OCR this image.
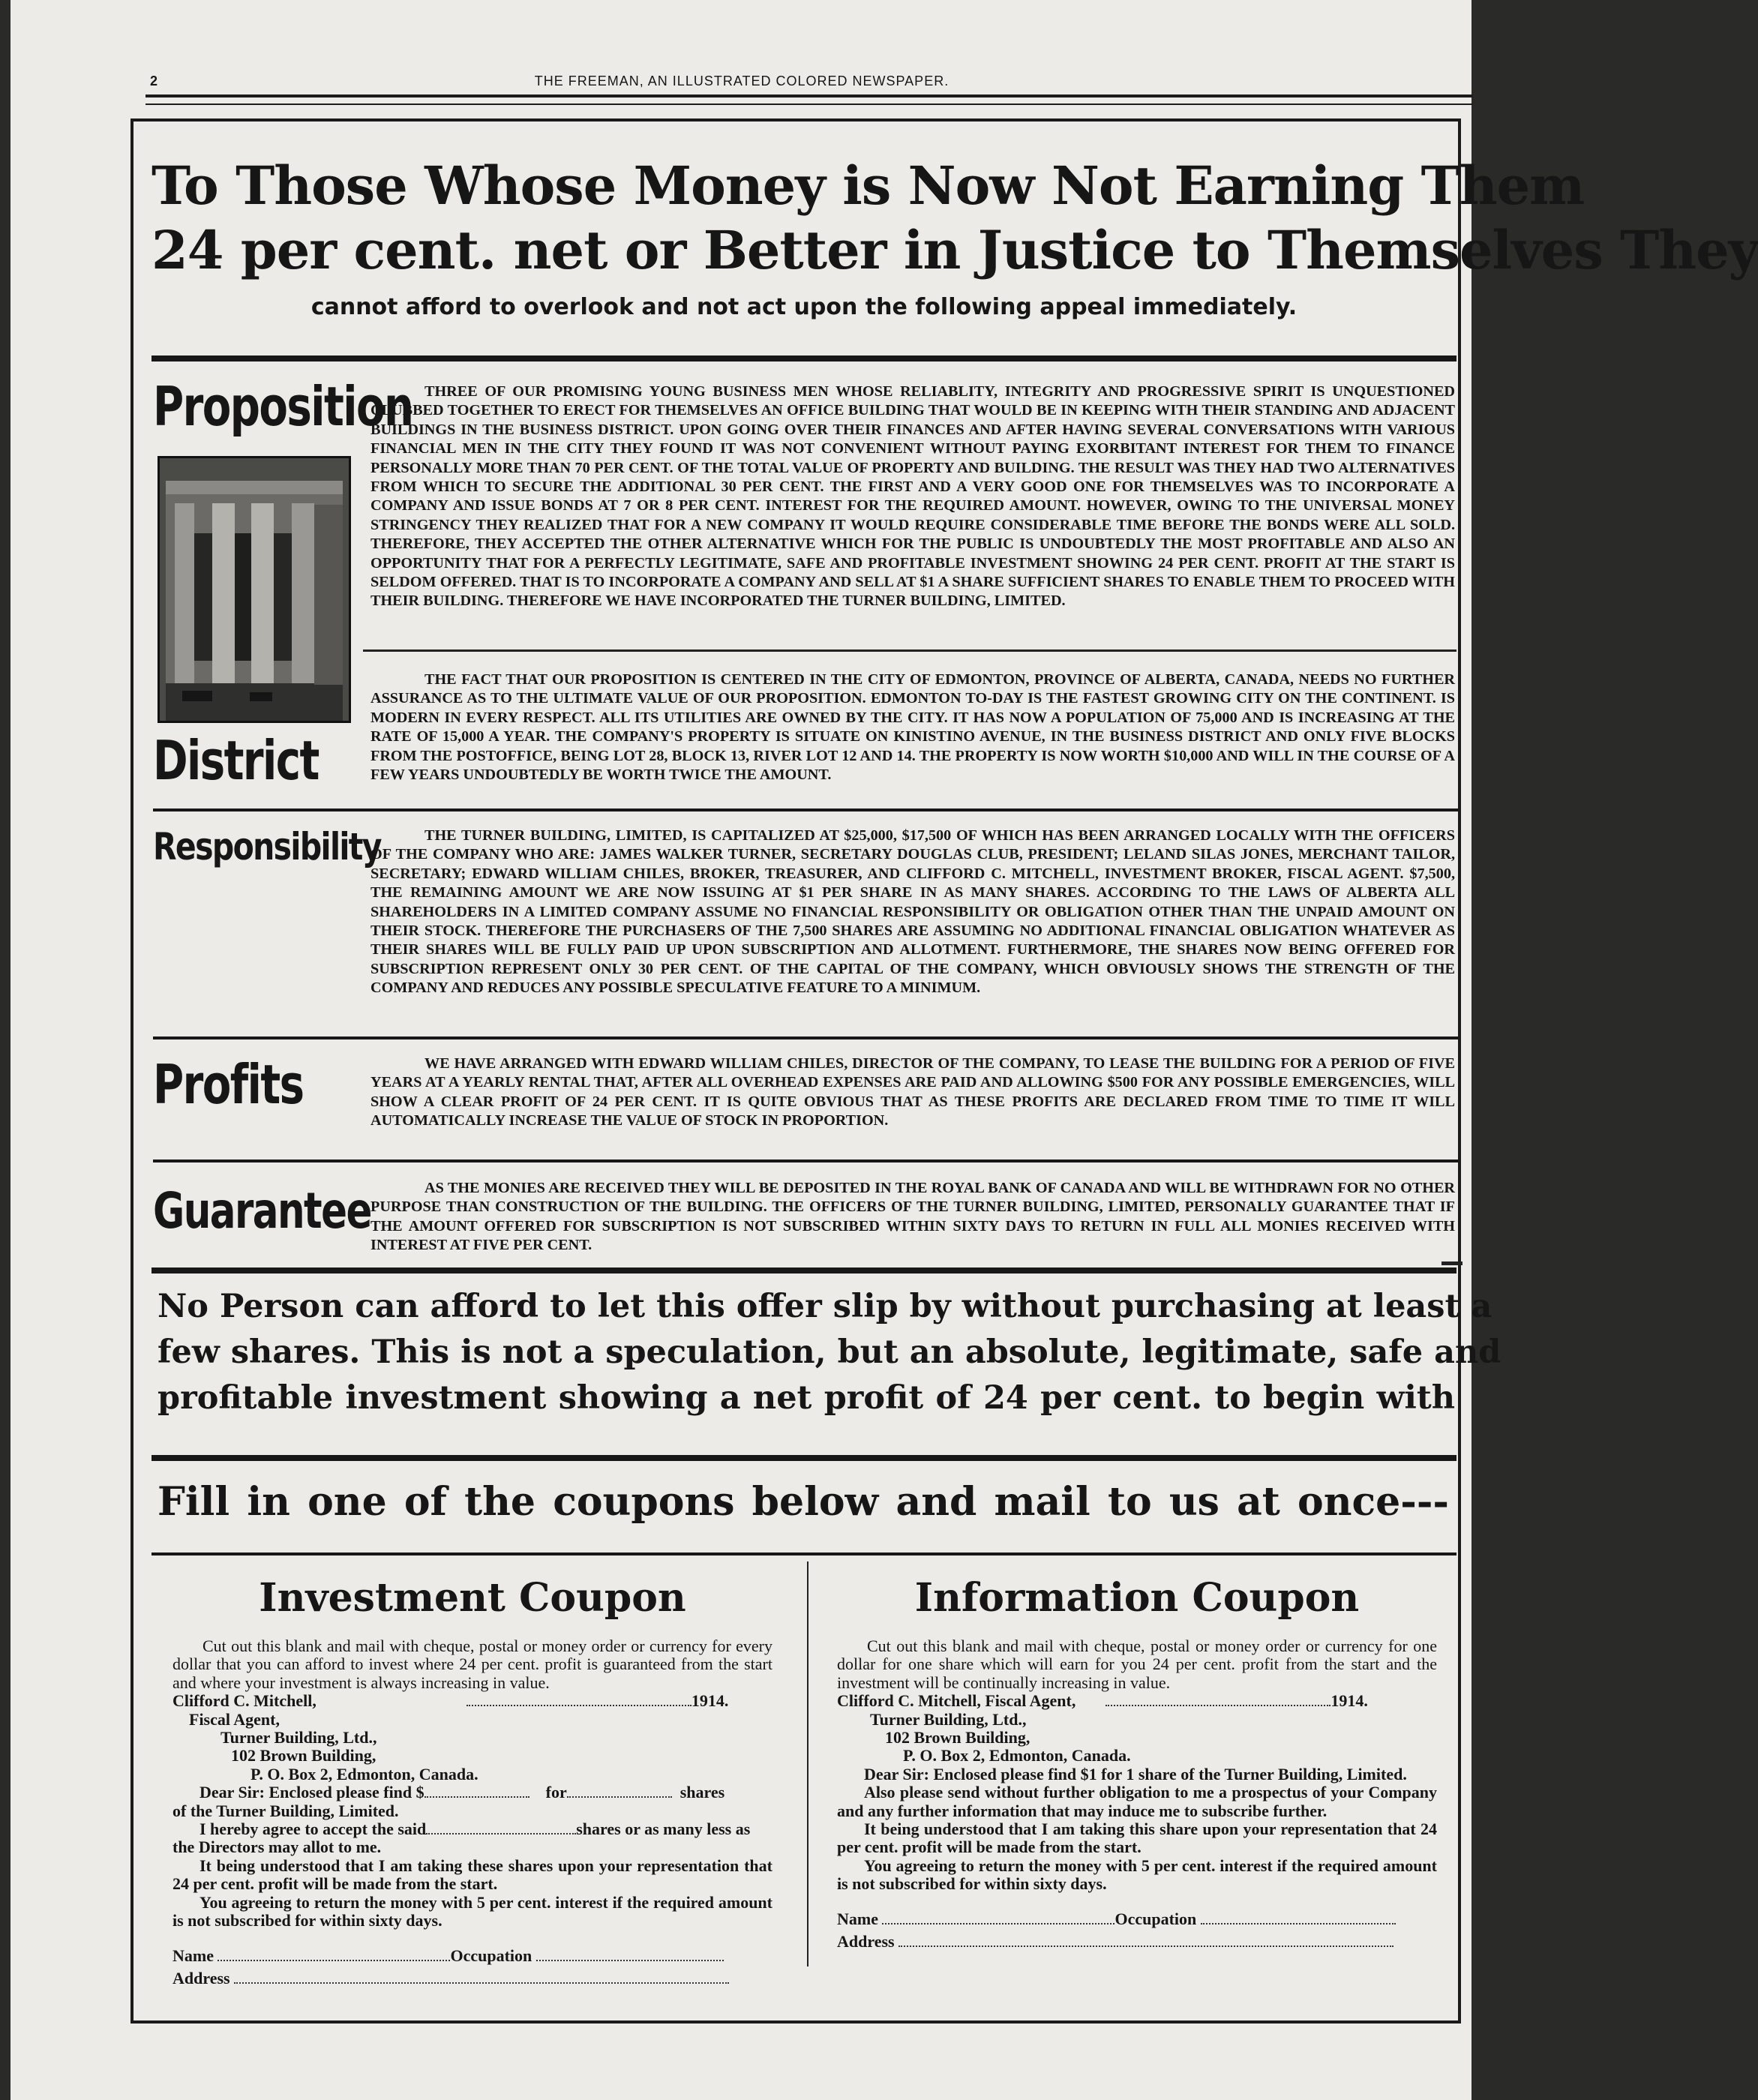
2	THE FREEMAN, AN ILLUSTRATED COLORED NEWSPAPER.
To Those Whose Money is Now Not Earning Them
24 per cent. net or Better in Justice to Themselves They
cannot afford to overlook and not act upon the following appeal immediately.
Proposition THREE OF OUR PROMISING YOUNG BUSINESS MEN WHOSE RELIABLITY, INTEGRITY AND PROGRESSIVE SPIRIT IS UNQUESTIONED CLUBBED TOGETHER TO ERECT FOR THEMSELVES AN OFFICE BUILDING THAT WOULD BE IN KEEPING WITH THEIR STANDING AND ADJACENT BUILDINGS IN THE BUSINESS DISTRICT. UPON GOING OVER THEIR FINANCES AND AFTER HAVING SEVERAL CONVERSATIONS WITH VARIOUS FINANCIAL MEN IN THE CITY THEY FOUND IT WAS NOT CONVENIENT WITHOUT PAYING EXORBITANT INTEREST FOR THEM TO FINANCE PERSONALLY MORE THAN 70 PER CENT. OF THE TOTAL VALUE OF PROPERTY AND BUILDING. THE RESULT WAS THEY HAD TWO ALTERNATIVES FROM WHICH TO SECURE THE ADDITIONAL 30 PER CENT. THE FIRST AND A VERY GOOD ONE FOR THEMSELVES WAS TO INCORPORATE A COMPANY AND ISSUE BONDS AT 7 OR 8 PER CENT. INTEREST FOR THE REQUIRED AMOUNT. HOWEVER, OWING TO THE UNIVERSAL MONEY STRINGENCY THEY REALIZED THAT FOR A NEW COMPANY IT WOULD REQUIRE CONSIDERABLE TIME BEFORE THE BONDS WERE ALL SOLD. THEREFORE, THEY ACCEPTED THE OTHER ALTERNATIVE WHICH FOR THE PUBLIC IS UNDOUBTEDLY THE MOST PROFITABLE AND ALSO AN OPPORTUNITY THAT FOR A PERFECTLY LEGITIMATE, SAFE AND PROFITABLE INVESTMENT SHOWING 24 PER CENT. PROFIT AT THE START IS SELDOM OFFERED. THAT IS TO INCORPORATE A COMPANY AND SELL AT $1 A SHARE SUFFICIENT SHARES TO ENABLE THEM TO PROCEED WITH THEIR BUILDING. THEREFORE WE HAVE INCORPORATED THE TURNER BUILDING, LIMITED.
District
THE FACT THAT OUR PROPOSITION IS CENTERED IN THE CITY OF EDMONTON, PROVINCE OF ALBERTA, CANADA, NEEDS NO FURTHER ASSURANCE AS TO THE ULTIMATE VALUE OF OUR PROPOSITION. EDMONTON TO-DAY IS THE FASTEST GROWING CITY ON THE CONTINENT. IS MODERN IN EVERY RESPECT. ALL ITS UTILITIES ARE OWNED BY THE CITY. IT HAS NOW A POPULATION OF 75,000 AND IS INCREASING AT THE RATE OF 15,000 A YEAR. THE COMPANY'S PROPERTY IS SITUATE ON KINISTINO AVENUE, IN THE BUSINESS DISTRICT AND ONLY FIVE BLOCKS FROM THE POSTOFFICE, BEING LOT 28, BLOCK 13, RIVER LOT 12 AND 14. THE PROPERTY IS NOW WORTH $10,000 AND WILL IN THE COURSE OF A FEW YEARS UNDOUBTEDLY BE WORTH TWICE THE AMOUNT.
Responsibility	THE TURNER BUILDING, LIMITED, IS CAPITALIZED AT $25,000, $17,500 OF WHICH HAS BEEN ARRANGED LOCALLY WITH THE OFFICERS OF THE COMPANY WHO ARE: JAMES WALKER TURNER, SECRETARY DOUGLAS CLUB, PRESIDENT; LELAND SILAS JONES, MERCHANT TAILOR, SECRETARY; EDWARD WILLIAM CHILES, BROKER, TREASURER, AND CLIFFORD C. MITCHELL, INVESTMENT BROKER, FISCAL AGENT. $7,500, THE REMAINING AMOUNT WE ARE NOW ISSUING AT $1 PER SHARE IN AS MANY SHARES. ACCORDING TO THE LAWS OF ALBERTA ALL SHAREHOLDERS IN A LIMITED COMPANY ASSUME NO FINANCIAL RESPONSIBILITY OR OBLIGATION OTHER THAN THE UNPAID AMOUNT ON THEIR STOCK. THEREFORE THE PURCHASERS OF THE 7,500 SHARES ARE ASSUMING NO ADDITIONAL FINANCIAL OBLIGATION WHATEVER AS THEIR SHARES WILL BE FULLY PAID UP UPON SUBSCRIPTION AND ALLOTMENT. FURTHERMORE, THE SHARES NOW BEING OFFERED FOR SUBSCRIPTION REPRESENT ONLY 30 PER CENT. OF THE CAPITAL OF THE COMPANY, WHICH OBVIOUSLY SHOWS THE STRENGTH OF THE COMPANY AND REDUCES ANY POSSIBLE SPECULATIVE FEATURE TO A MINIMUM.
Profits	WE HAVE ARRANGED WITH EDWARD WILLIAM CHILES, DIRECTOR OF THE COMPANY, TO LEASE THE BUILDING FOR A PERIOD OF FIVE YEARS AT A YEARLY RENTAL THAT, AFTER ALL OVERHEAD EXPENSES ARE PAID AND ALLOWING $500 FOR ANY POSSIBLE EMERGENCIES, WILL SHOW A CLEAR PROFIT OF 24 PER CENT. IT IS QUITE OBVIOUS THAT AS THESE PROFITS ARE DECLARED FROM TIME TO TIME IT WILL AUTOMATICALLY INCREASE THE VALUE OF STOCK IN PROPORTION.
Guarantee	AS THE MONIES ARE RECEIVED THEY WILL BE DEPOSITED IN THE ROYAL BANK OF CANADA AND WILL BE WITHDRAWN FOR NO OTHER PURPOSE THAN CONSTRUCTION OF THE BUILDING. THE OFFICERS OF THE TURNER BUILDING, LIMITED, PERSONALLY GUARANTEE THAT IF THE AMOUNT OFFERED FOR SUBSCRIPTION IS NOT SUBSCRIBED WITHIN SIXTY DAYS TO RETURN IN FULL ALL MONIES RECEIVED WITH INTEREST AT FIVE PER CENT.
No Person can afford to let this offer slip by without purchasing at least a
few shares. This is not a speculation, but an absolute, legitimate, safe and
profitable investment showing a net profit of 24 per cent. to begin with
Fill in one of the coupons below and mail to us at once---
Investment Coupon

Cut out this blank and mail with cheque, postal or money order or currency for every dollar that you can afford to invest where 24 per cent. profit is guaranteed from the start and where your investment is always increasing in value.

Clifford C. Mitchell,	1914.

Fiscal Agent,

Turner Building, Ltd.,

102 Brown Building,

P. O. Box 2, Edmonton, Canada.

Dear Sir: Enclosed please find $	for	shares

of the Turner Building, Limited.

I hereby agree to accept the said	shares or as many less as the Directors may allot to me.

It being understood that I am taking these shares upon your representation that 24 per cent. profit will be made from the start.

You agreeing to return the money with 5 per cent. interest if the required amount is not subscribed for within sixty days.

Name	Occupation

Address

Information Coupon

Cut out this blank and mail with cheque, postal or money order or currency for one dollar for one share which will earn for you 24 per cent. profit from the start and the investment will be continually increasing in value.

Clifford C. Mitchell, Fiscal Agent,	1914.

Turner Building, Ltd.,

102 Brown Building,

P. O. Box 2, Edmonton, Canada.

Dear Sir: Enclosed please find $1 for 1 share of the Turner Building, Limited.

Also please send without further obligation to me a prospectus of your Company and any further information that may induce me to subscribe further.

It being understood that I am taking this share upon your representation that 24 per cent. profit will be made from the start.

You agreeing to return the money with 5 per cent. interest if the required amount is not subscribed for within sixty days.

Name	Occupation

Address
